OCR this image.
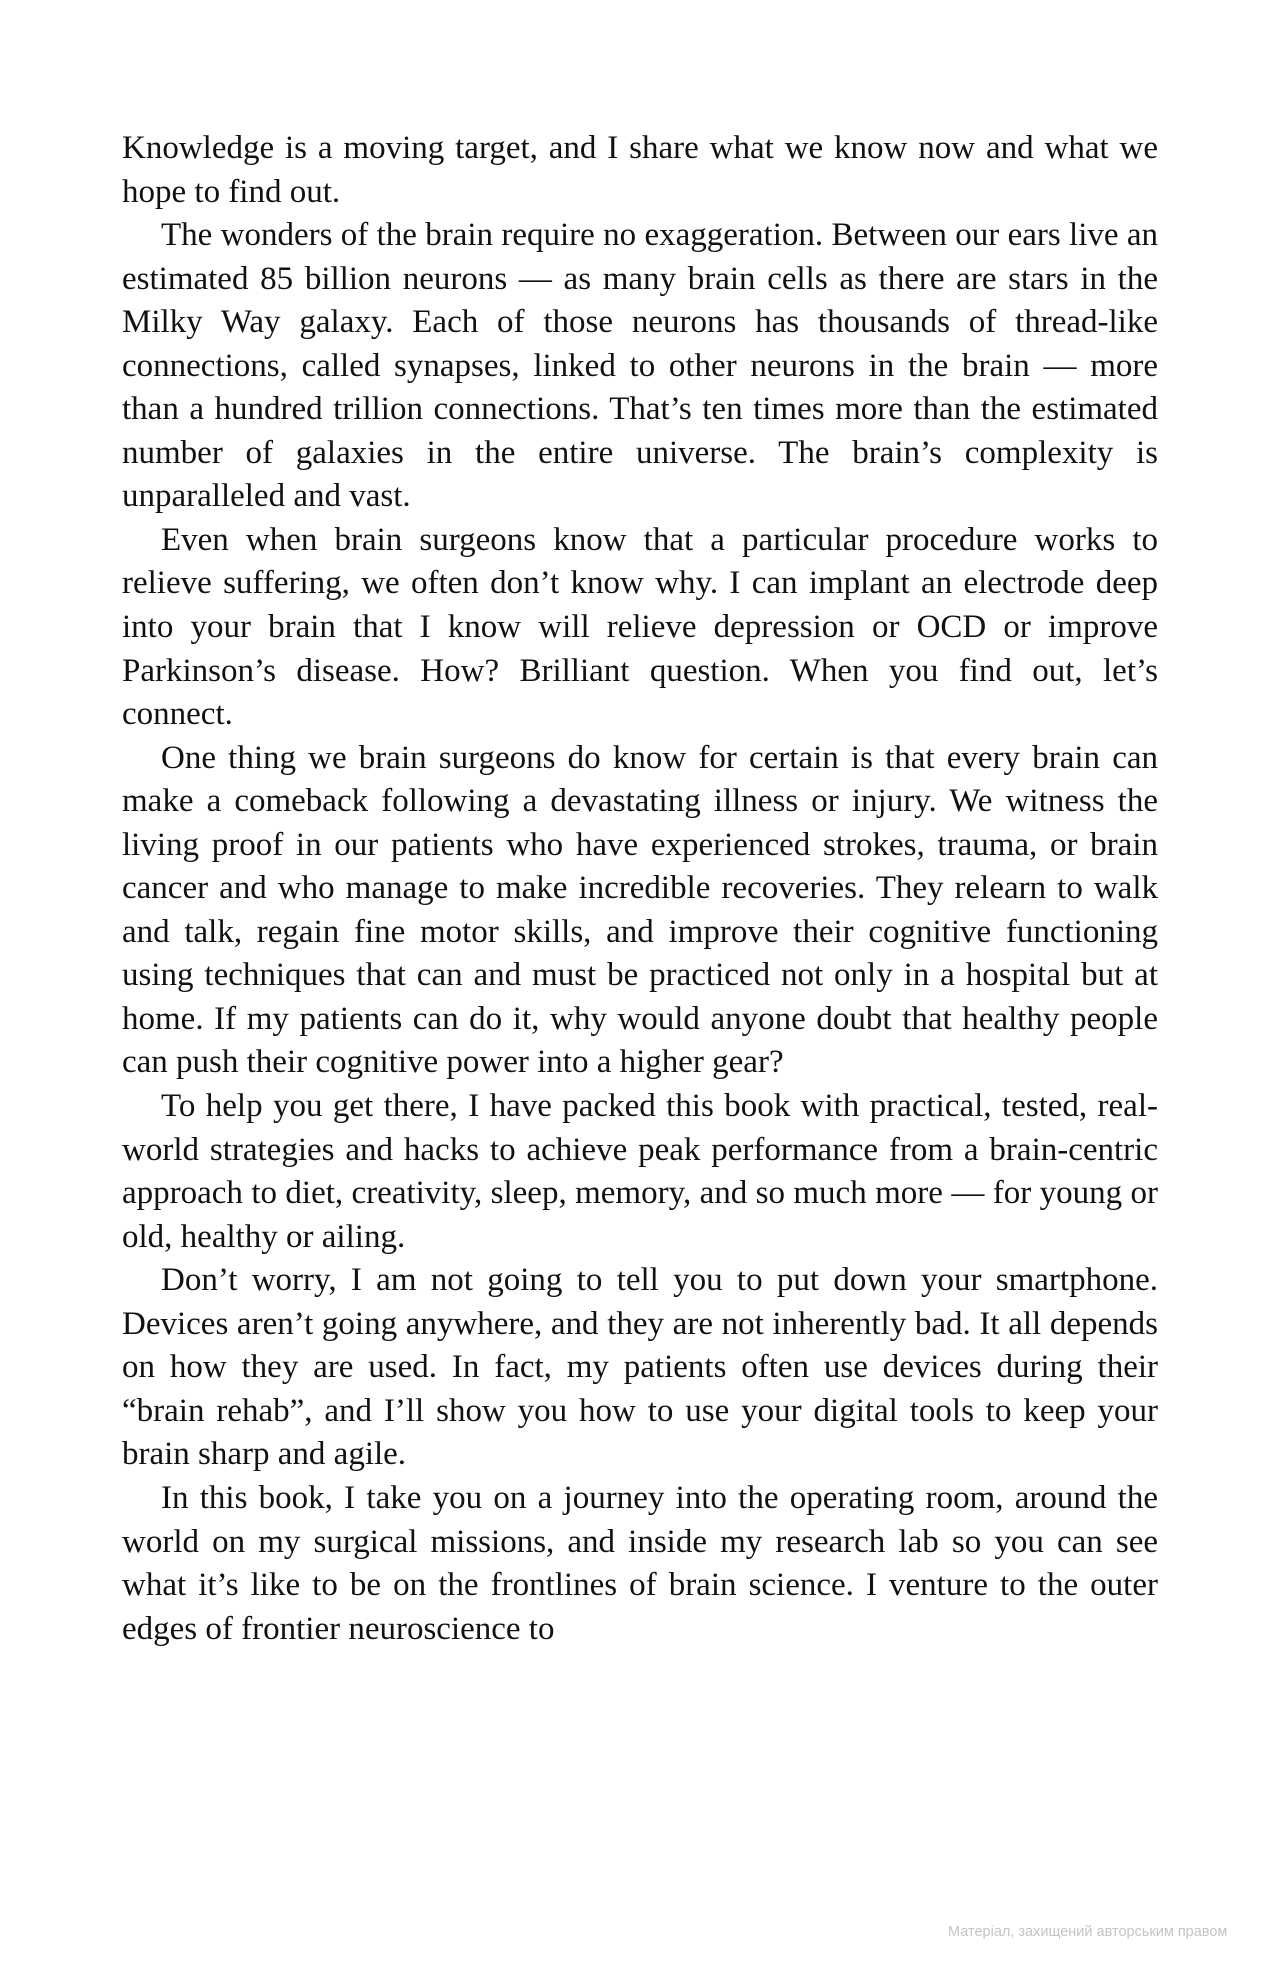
Knowledge is a moving target, and I share what we know now and what we hope to find out.

The wonders of the brain require no exaggeration. Between our ears live an estimated 85 billion neurons — as many brain cells as there are stars in the Milky Way galaxy. Each of those neurons has thousands of thread-like connections, called synapses, linked to other neurons in the brain — more than a hundred trillion connections. That’s ten times more than the estimated number of galaxies in the entire universe. The brain’s complexity is unparalleled and vast.

Even when brain surgeons know that a particular procedure works to relieve suffering, we often don’t know why. I can implant an electrode deep into your brain that I know will relieve depression or OCD or improve Parkinson’s disease. How? Brilliant question. When you find out, let’s connect.

One thing we brain surgeons do know for certain is that every brain can make a comeback following a devastating illness or injury. We witness the living proof in our patients who have experienced strokes, trauma, or brain cancer and who manage to make incredible recoveries. They relearn to walk and talk, regain fine motor skills, and improve their cognitive functioning using techniques that can and must be practiced not only in a hospital but at home. If my patients can do it, why would anyone doubt that healthy people can push their cognitive power into a higher gear?

To help you get there, I have packed this book with practical, tested, real-world strategies and hacks to achieve peak performance from a brain-centric approach to diet, creativity, sleep, memory, and so much more — for young or old, healthy or ailing.

Don’t worry, I am not going to tell you to put down your smartphone. Devices aren’t going anywhere, and they are not inherently bad. It all depends on how they are used. In fact, my patients often use devices during their “brain rehab”, and I’ll show you how to use your digital tools to keep your brain sharp and agile.

In this book, I take you on a journey into the operating room, around the world on my surgical missions, and inside my research lab so you can see what it’s like to be on the frontlines of brain science. I venture to the outer edges of frontier neuroscience to

Матеріал, захищений авторським правом
